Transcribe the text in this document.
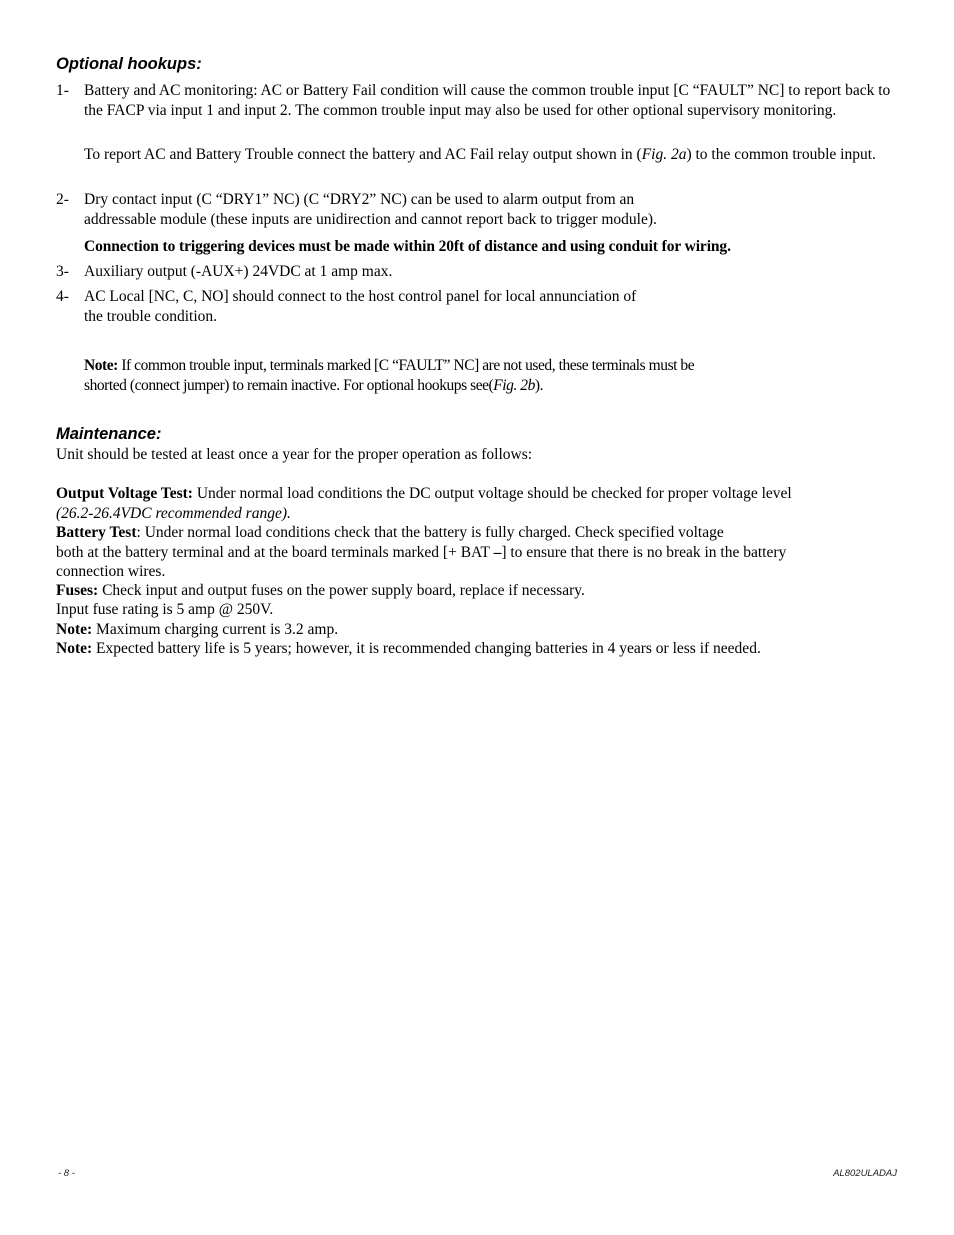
Optional hookups:
1- Battery and AC monitoring: AC or Battery Fail condition will cause the common trouble input [C “FAULT” NC] to report back to the FACP via input 1 and input 2. The common trouble input may also be used for other optional supervisory monitoring.
To report AC and Battery Trouble connect the battery and AC Fail relay output shown in (Fig. 2a) to the common trouble input.
2- Dry contact input (C “DRY1” NC) (C “DRY2” NC) can be used to alarm output from an
addressable module (these inputs are unidirection and cannot report back to trigger module).
Connection to triggering devices must be made within 20ft of distance and using conduit for wiring.
3- Auxiliary output (-AUX+) 24VDC at 1 amp max.
4- AC Local [NC, C, NO] should connect to the host control panel for local annunciation of
the trouble condition.
Note: If common trouble input, terminals marked [C “FAULT” NC] are not used, these terminals must be
shorted (connect jumper) to remain inactive. For optional hookups see(Fig. 2b).
Maintenance:
Unit should be tested at least once a year for the proper operation as follows:
Output Voltage Test: Under normal load conditions the DC output voltage should be checked for proper voltage level
(26.2-26.4VDC recommended range).
Battery Test: Under normal load conditions check that the battery is fully charged. Check specified voltage
both at the battery terminal and at the board terminals marked [+ BAT –] to ensure that there is no break in the battery
connection wires.
Fuses: Check input and output fuses on the power supply board, replace if necessary.
Input fuse rating is 5 amp @ 250V.
Note: Maximum charging current is 3.2 amp.
Note: Expected battery life is 5 years; however, it is recommended changing batteries in 4 years or less if needed.
- 8 -	AL802ULADAJ
